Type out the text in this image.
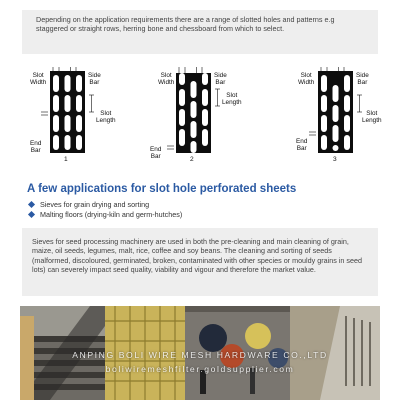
Depending on the application requirements there are a range of slotted holes and patterns e.g staggered or straight rows, herring bone and chessboard from which to select.
Slot
Width
Side
Bar
Slot
Length
End
Bar
1
Slot
Width
Side
Bar
Slot
Length
End
Bar	2
Slot
Width
Side
Bar
Slot
Length
End
Bar
3
A few applications for slot hole perforated sheets
Sieves for grain drying and sorting
Malting floors (drying-kiln and germ-hutches)
Sieves for seed processing machinery are used in both the pre-cleaning and main cleaning of grain, maize, oil seeds, legumes, malt, rice, coffee and soy beans. The cleaning and sorting of seeds (malformed, discoloured, germinated, broken, contaminated with other species or mouldy grains in seed lots) can severely impact seed quality, viability and vigour and therefore the market value.
ANPING BOLI WIRE MESH HARDWARE CO.,LTD
boliwiremeshfilter.goldsupplier.com
